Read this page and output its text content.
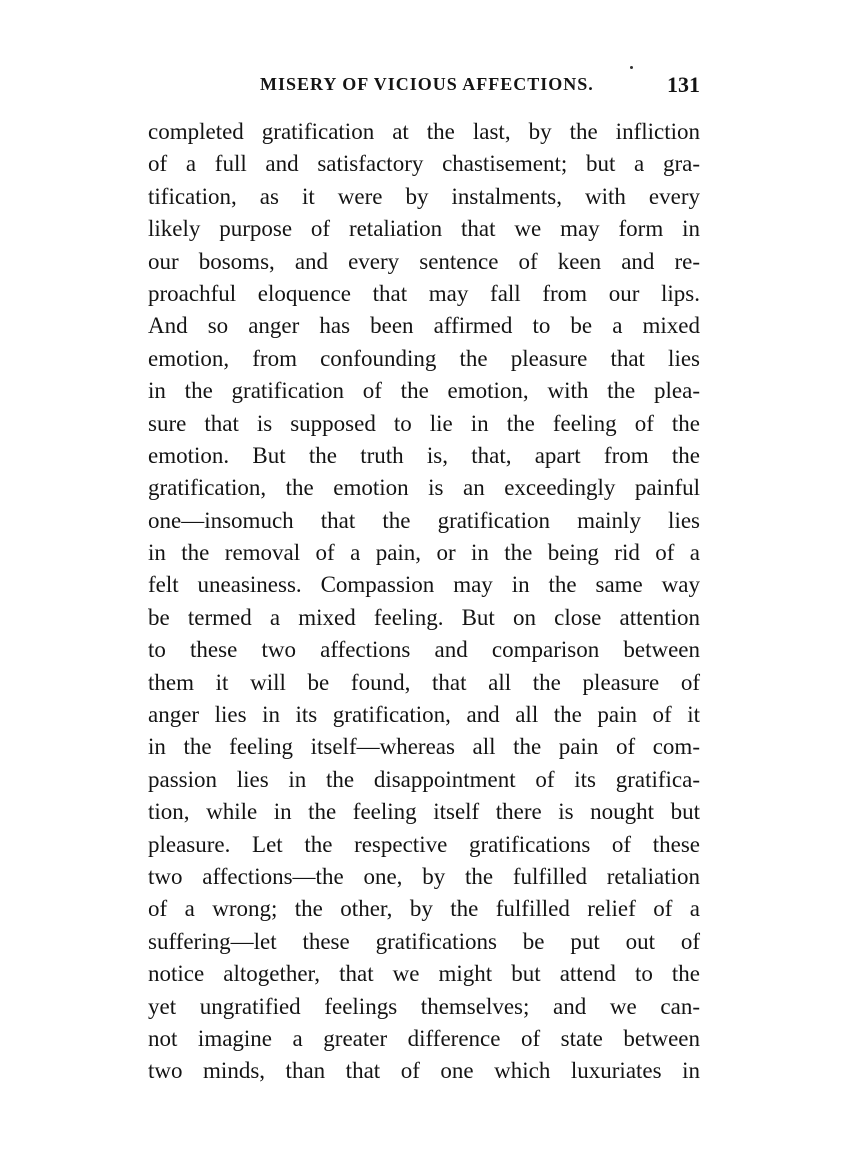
MISERY OF VICIOUS AFFECTIONS.	131
completed gratification at the last, by the infliction
of a full and satisfactory chastisement; but a gra-
tification, as it were by instalments, with every
likely purpose of retaliation that we may form in
our bosoms, and every sentence of keen and re-
proachful eloquence that may fall from our lips.
And so anger has been affirmed to be a mixed
emotion, from confounding the pleasure that lies
in the gratification of the emotion, with the plea-
sure that is supposed to lie in the feeling of the
emotion. But the truth is, that, apart from the
gratification, the emotion is an exceedingly painful
one—insomuch that the gratification mainly lies
in the removal of a pain, or in the being rid of a
felt uneasiness. Compassion may in the same way
be termed a mixed feeling. But on close attention
to these two affections and comparison between
them it will be found, that all the pleasure of
anger lies in its gratification, and all the pain of it
in the feeling itself—whereas all the pain of com-
passion lies in the disappointment of its gratifica-
tion, while in the feeling itself there is nought but
pleasure. Let the respective gratifications of these
two affections—the one, by the fulfilled retaliation
of a wrong; the other, by the fulfilled relief of a
suffering—let these gratifications be put out of
notice altogether, that we might but attend to the
yet ungratified feelings themselves; and we can-
not imagine a greater difference of state between
two minds, than that of one which luxuriates in
